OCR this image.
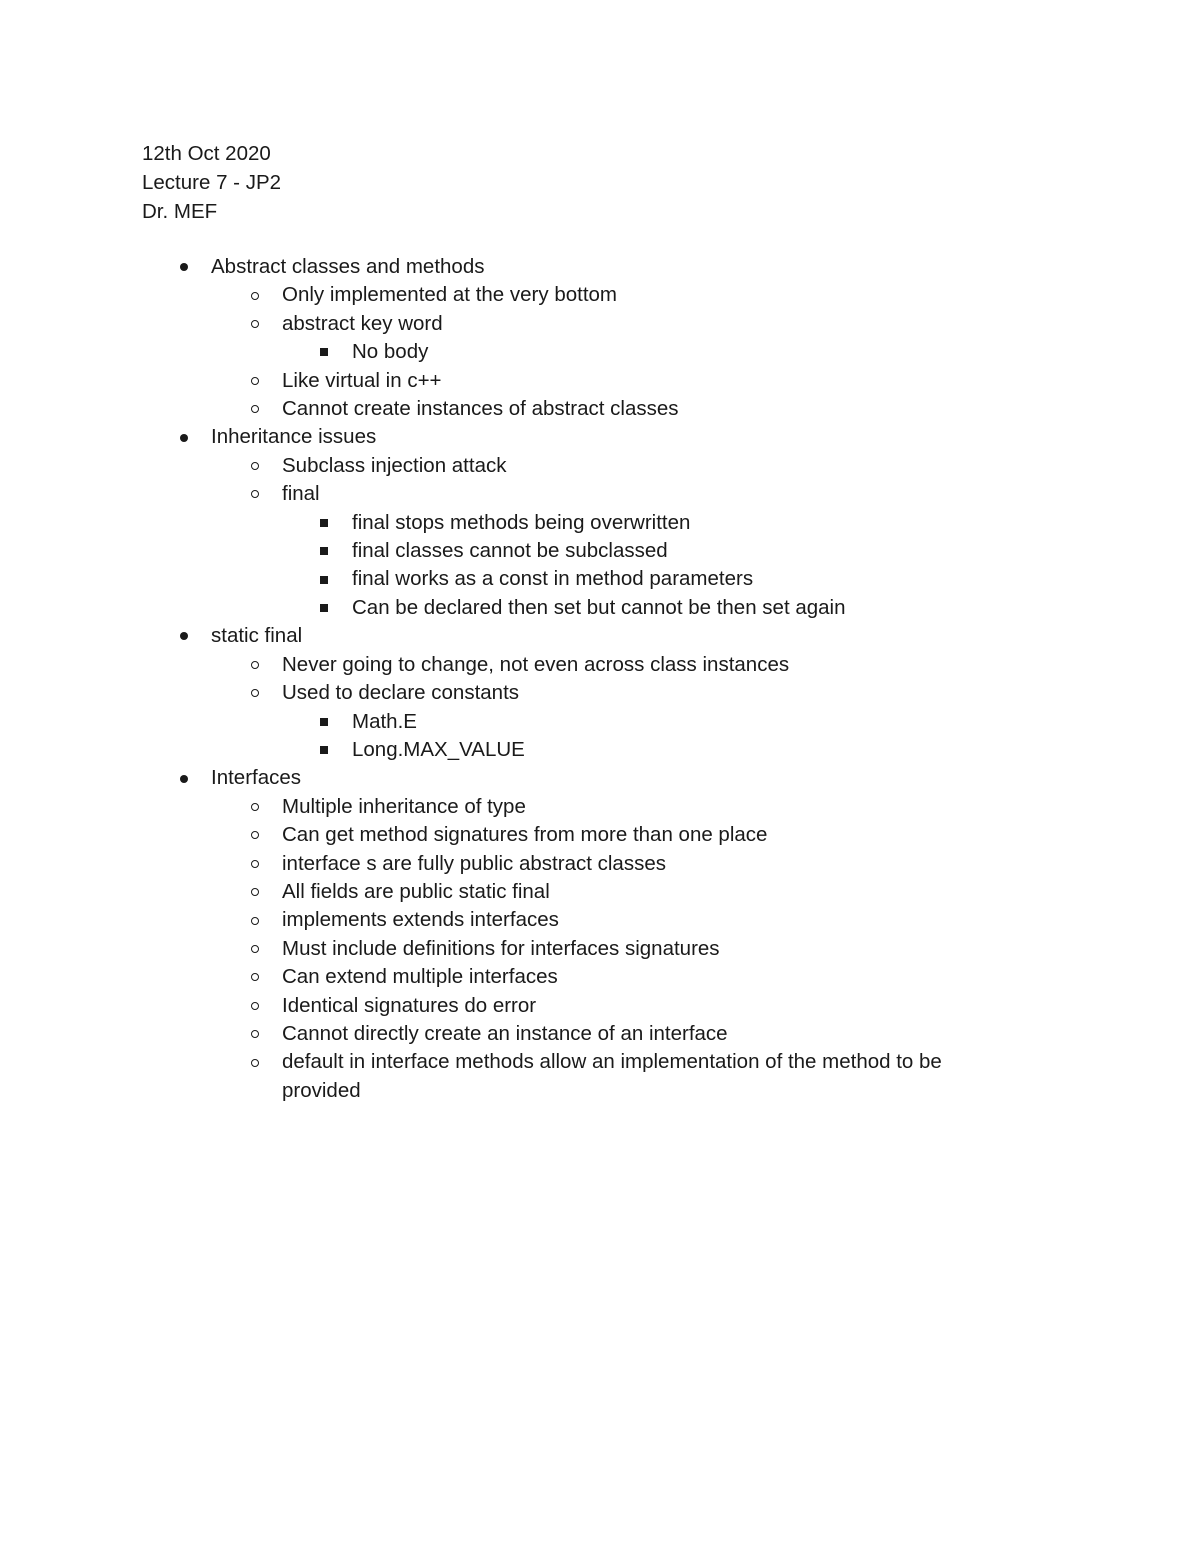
12th Oct 2020
Lecture 7 - JP2
Dr. MEF
Abstract classes and methods
Only implemented at the very bottom
abstract key word
No body
Like virtual in c++
Cannot create instances of abstract classes
Inheritance issues
Subclass injection attack
final
final stops methods being overwritten
final classes cannot be subclassed
final works as a const in method parameters
Can be declared then set but cannot be then set again
static final
Never going to change, not even across class instances
Used to declare constants
Math.E
Long.MAX_VALUE
Interfaces
Multiple inheritance of type
Can get method signatures from more than one place
interface s are fully public abstract classes
All fields are public static final
implements extends interfaces
Must include definitions for interfaces signatures
Can extend multiple interfaces
Identical signatures do error
Cannot directly create an instance of an interface
default in interface methods allow an implementation of the method to be provided
